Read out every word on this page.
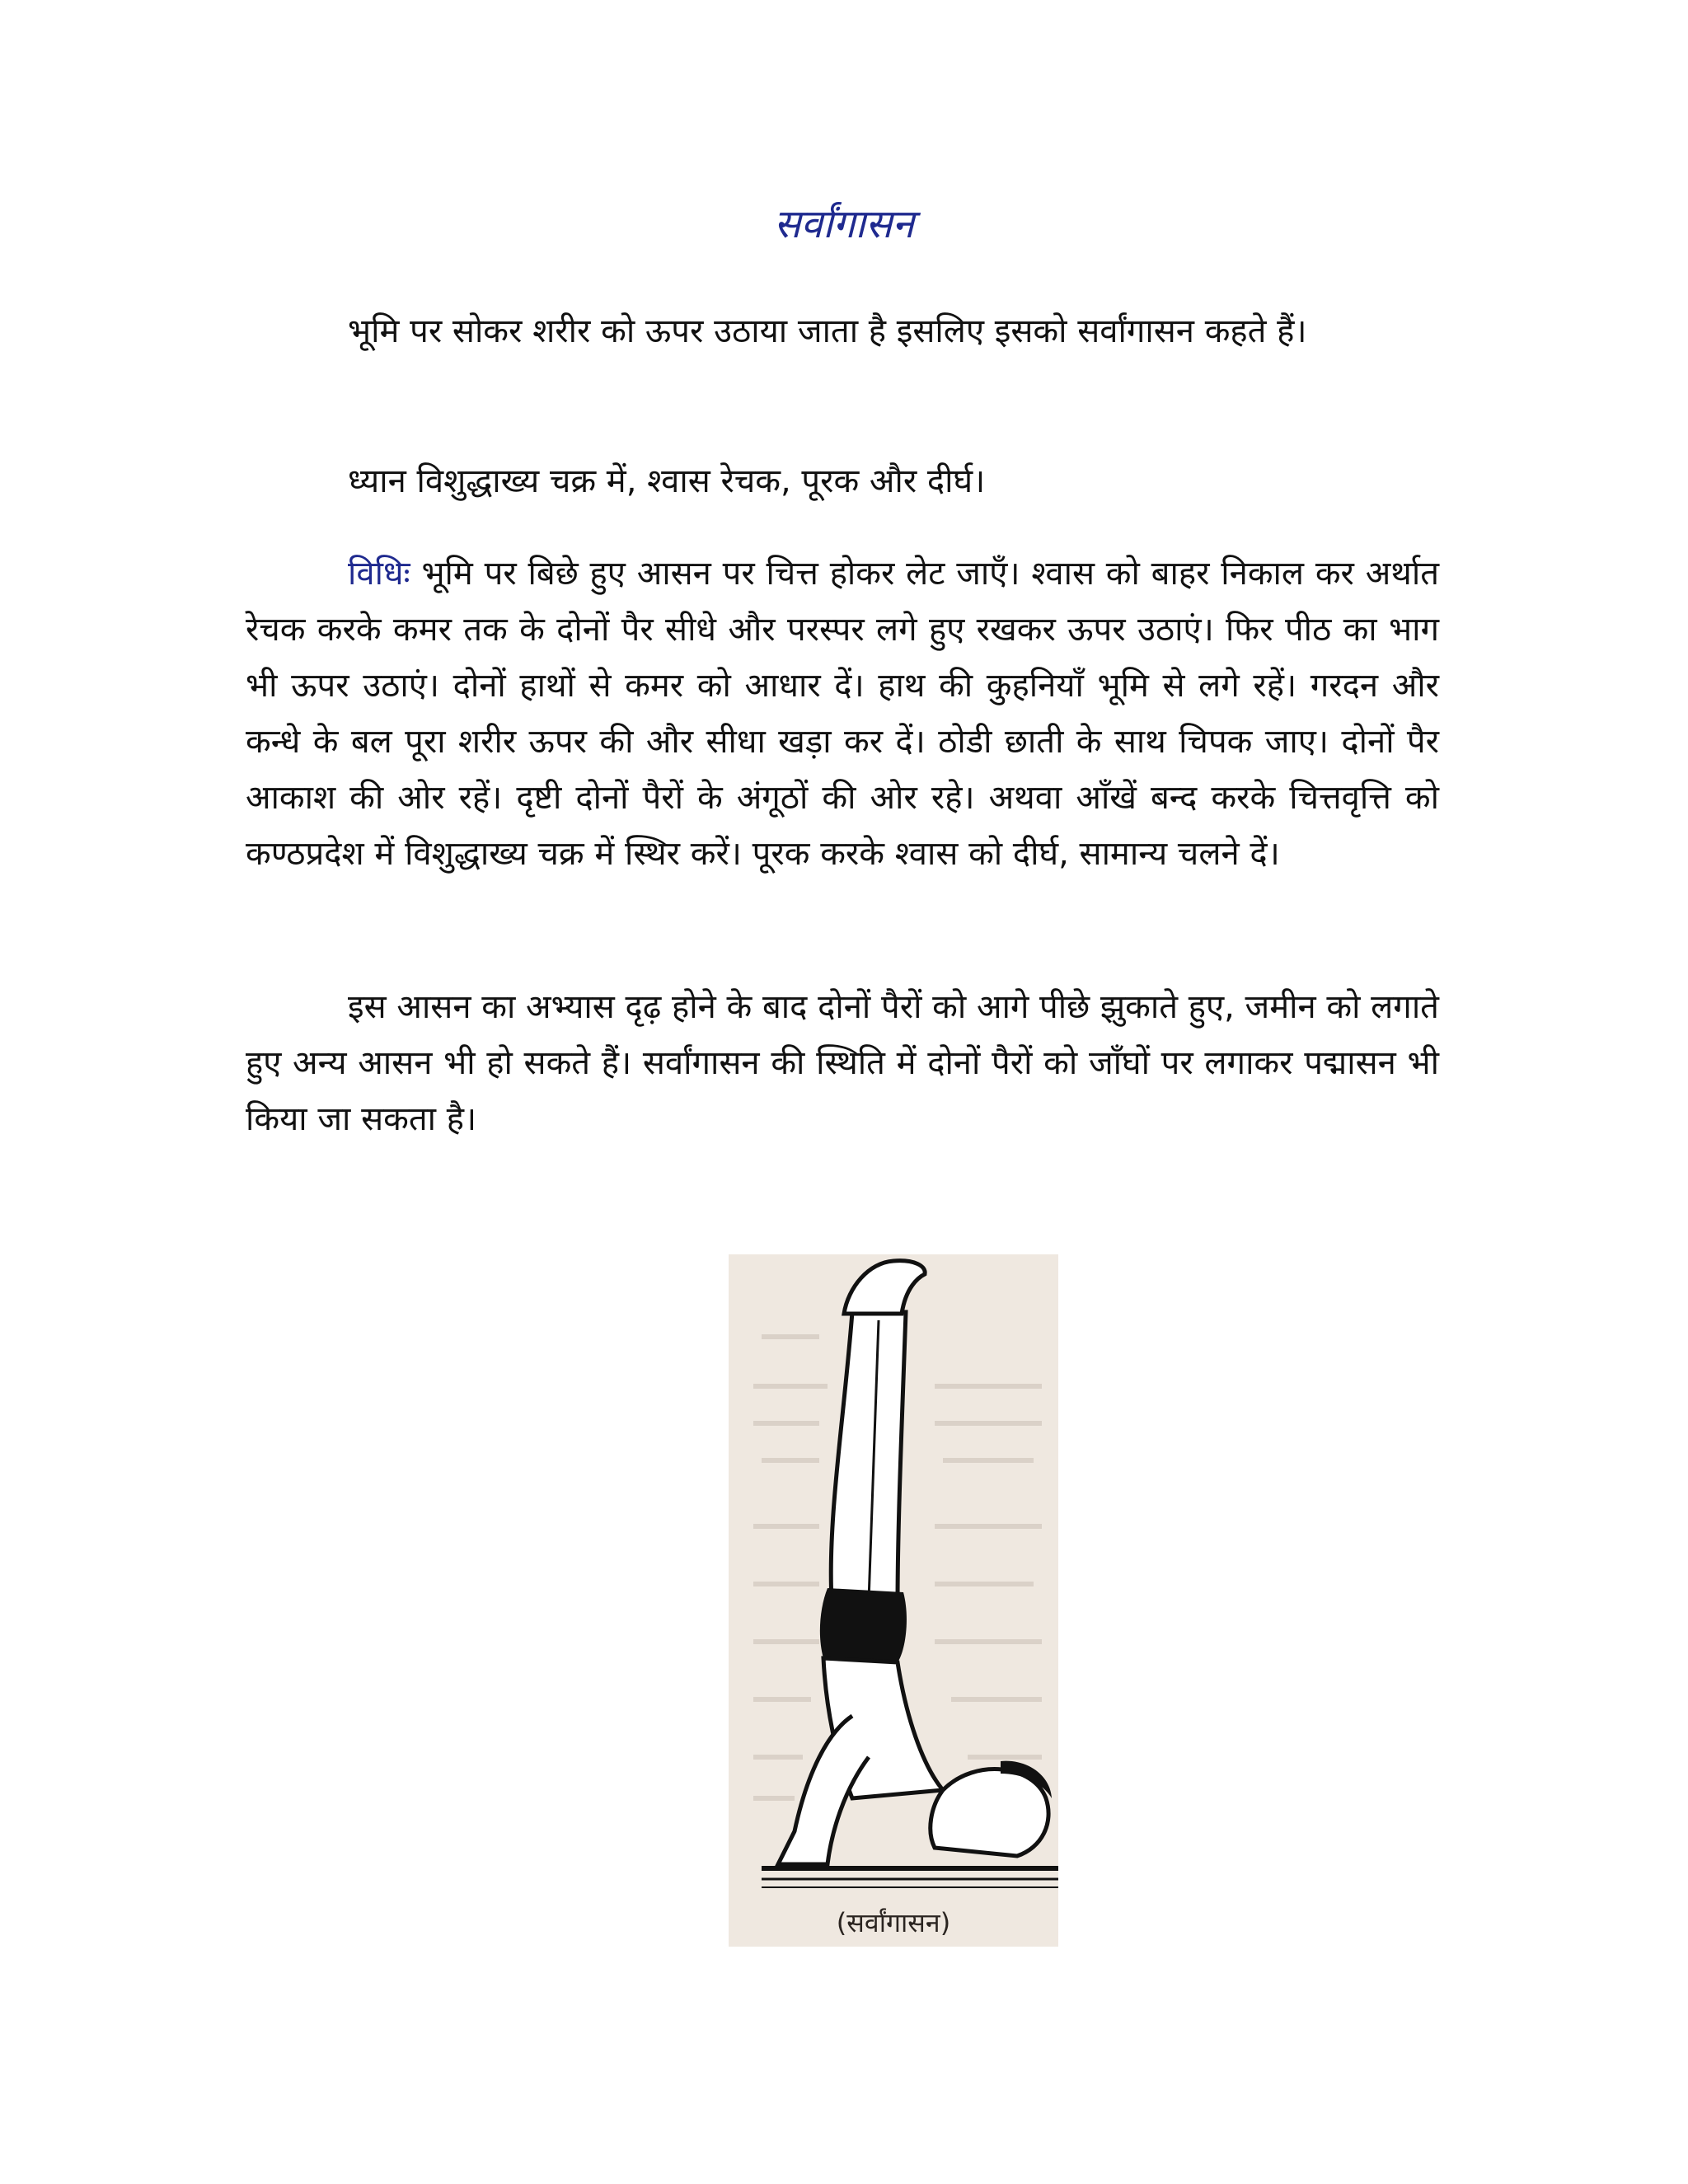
सर्वांगासन

भूमि पर सोकर शरीर को ऊपर उठाया जाता है इसलिए इसको सर्वांगासन कहते हैं।

ध्यान विशुद्धाख्य चक्र में, श्वास रेचक, पूरक और दीर्घ।

विधिः भूमि पर बिछे हुए आसन पर चित्त होकर लेट जाएँ। श्वास को बाहर निकाल कर अर्थात रेचक करके कमर तक के दोनों पैर सीधे और परस्पर लगे हुए रखकर ऊपर उठाएं। फिर पीठ का भाग भी ऊपर उठाएं। दोनों हाथों से कमर को आधार दें। हाथ की कुहनियाँ भूमि से लगे रहें। गरदन और कन्धे के बल पूरा शरीर ऊपर की और सीधा खड़ा कर दें। ठोडी छाती के साथ चिपक जाए। दोनों पैर आकाश की ओर रहें। दृष्टी दोनों पैरों के अंगूठों की ओर रहे। अथवा आँखें बन्द करके चित्तवृत्ति को कण्ठप्रदेश में विशुद्धाख्य चक्र में स्थिर करें। पूरक करके श्वास को दीर्घ, सामान्य चलने दें।

इस आसन का अभ्यास दृढ़ होने के बाद दोनों पैरों को आगे पीछे झुकाते हुए, जमीन को लगाते हुए अन्य आसन भी हो सकते हैं। सर्वांगासन की स्थिति में दोनों पैरों को जाँघों पर लगाकर पद्मासन भी किया जा सकता है।

(सर्वांगासन)
